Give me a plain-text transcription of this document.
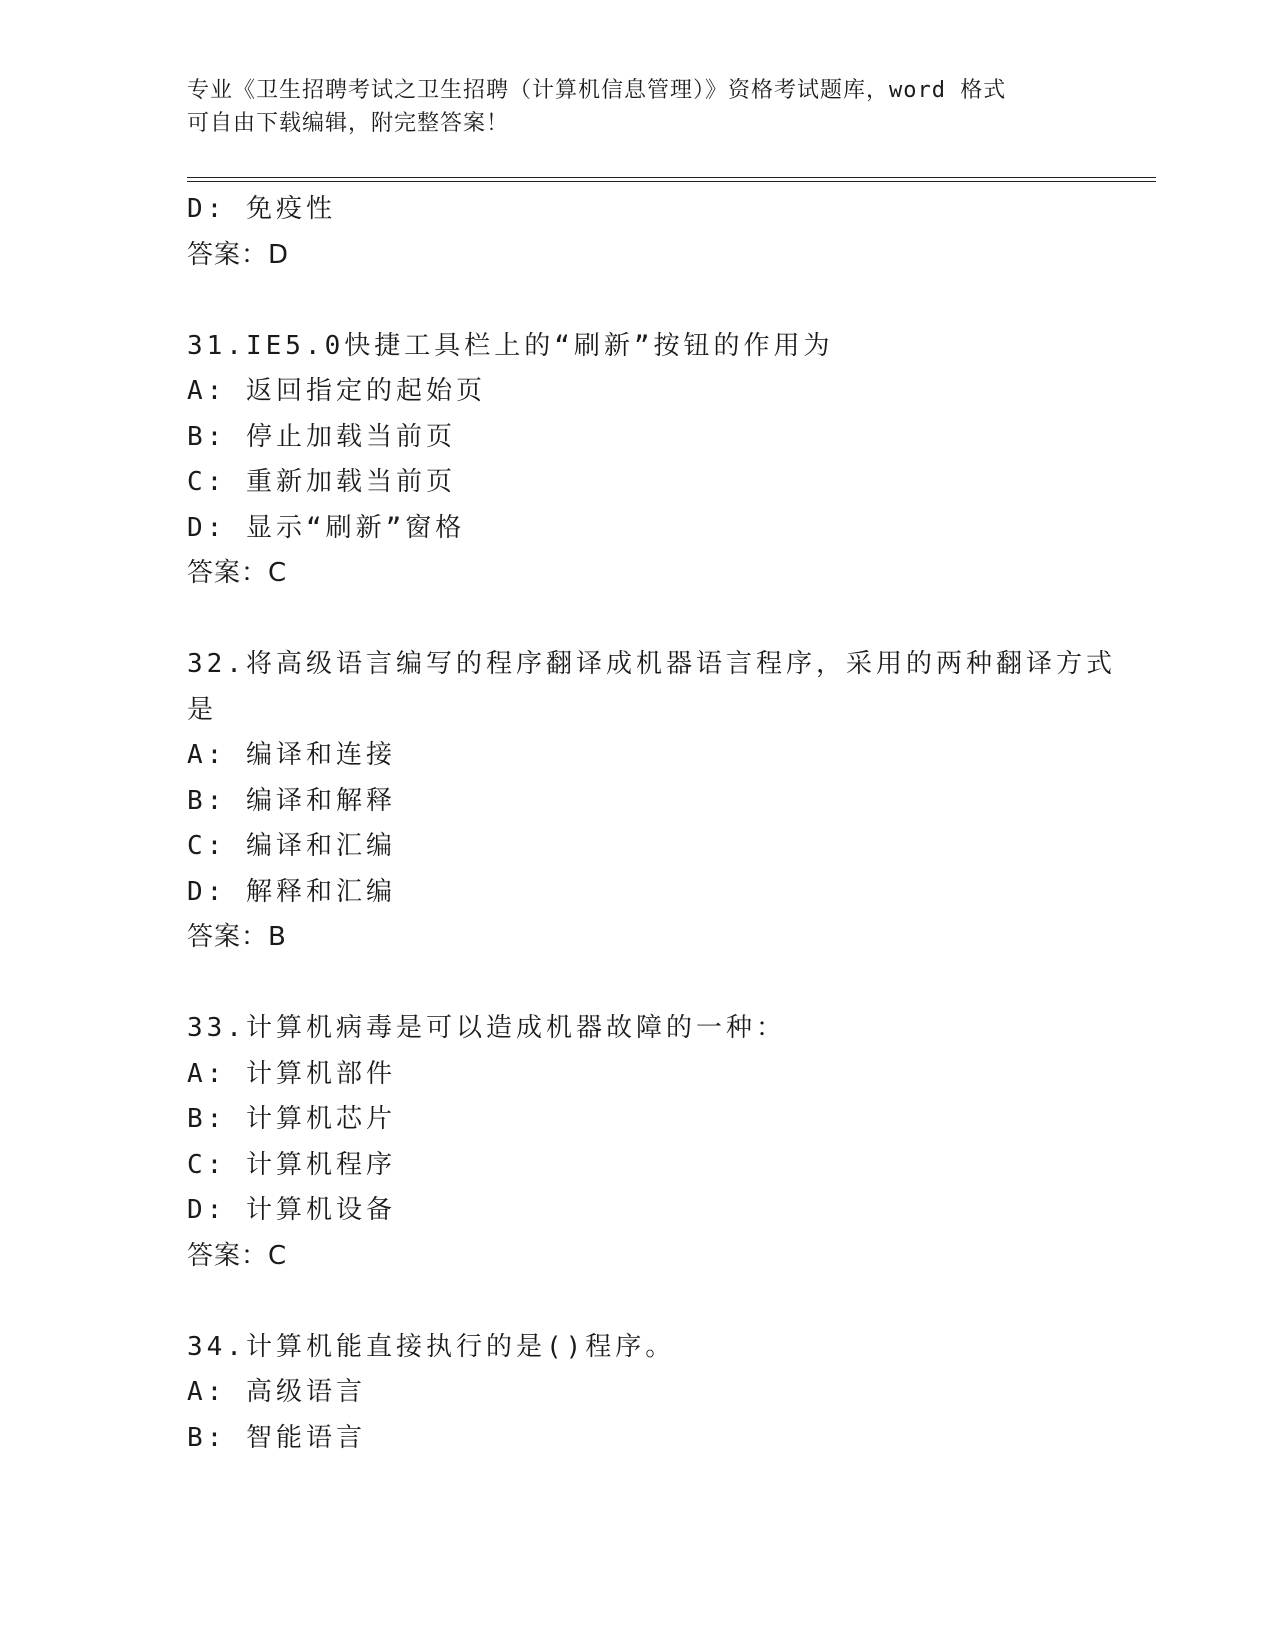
专业《卫生招聘考试之卫生招聘（计算机信息管理）》资格考试题库，word 格式
可自由下载编辑，附完整答案！
D: 免疫性
答案：D
31.IE5.0快捷工具栏上的“刷新”按钮的作用为
A: 返回指定的起始页
B: 停止加载当前页
C: 重新加载当前页
D: 显示“刷新”窗格
答案：C
32.将高级语言编写的程序翻译成机器语言程序，采用的两种翻译方式
是
A: 编译和连接
B: 编译和解释
C: 编译和汇编
D: 解释和汇编
答案：B
33.计算机病毒是可以造成机器故障的一种：
A: 计算机部件
B: 计算机芯片
C: 计算机程序
D: 计算机设备
答案：C
34.计算机能直接执行的是()程序。
A: 高级语言
B: 智能语言
